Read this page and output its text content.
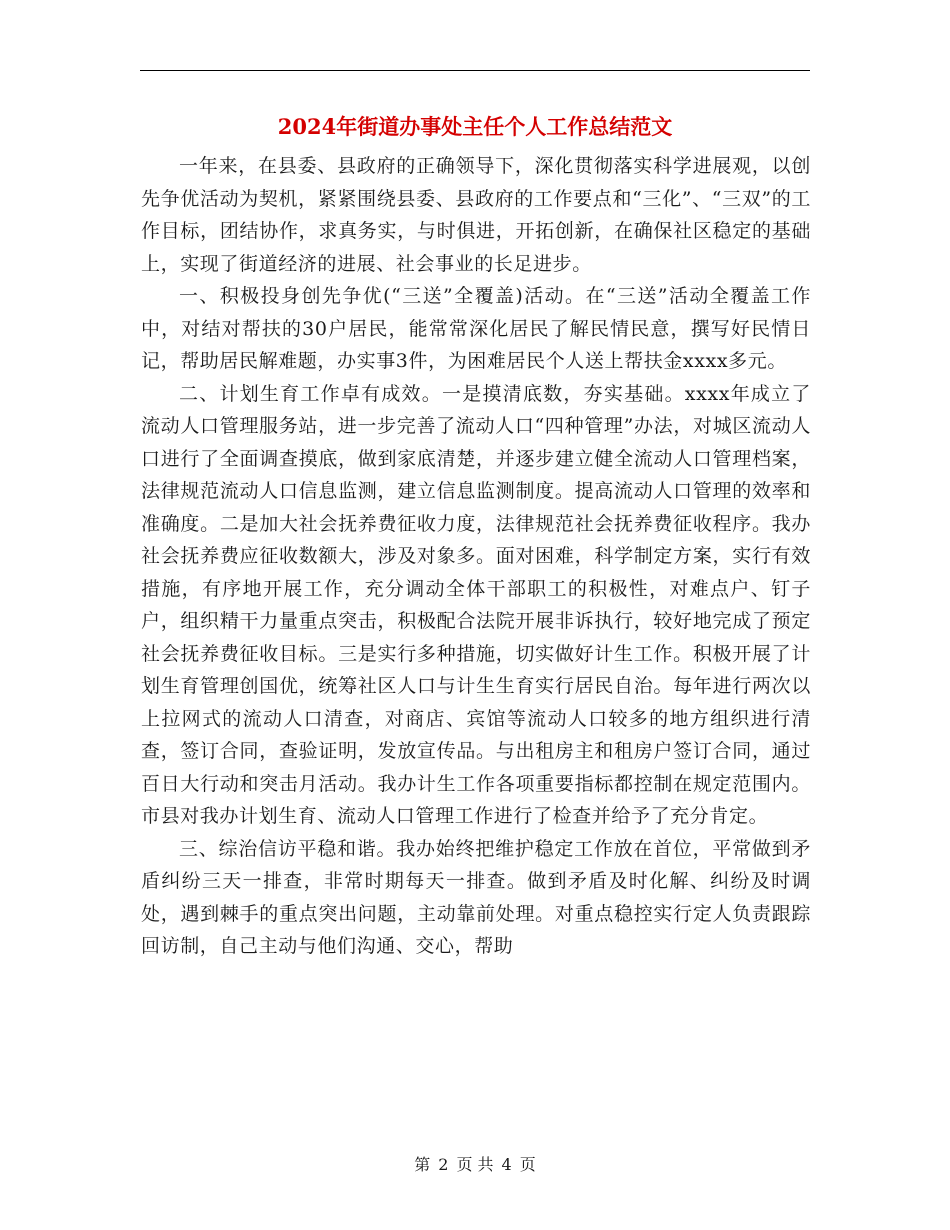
2024年街道办事处主任个人工作总结范文

一年来，在县委、县政府的正确领导下，深化贯彻落实科学进展观，以创先争优活动为契机，紧紧围绕县委、县政府的工作要点和“三化”、“三双”的工作目标，团结协作，求真务实，与时俱进，开拓创新，在确保社区稳定的基础上，实现了街道经济的进展、社会事业的长足进步。

一、积极投身创先争优(“三送”全覆盖)活动。在“三送”活动全覆盖工作中，对结对帮扶的30户居民，能常常深化居民了解民情民意，撰写好民情日记，帮助居民解难题，办实事3件，为困难居民个人送上帮扶金xxxx多元。

二、计划生育工作卓有成效。一是摸清底数，夯实基础。xxxx年成立了流动人口管理服务站，进一步完善了流动人口“四种管理”办法，对城区流动人口进行了全面调查摸底，做到家底清楚，并逐步建立健全流动人口管理档案，法律规范流动人口信息监测，建立信息监测制度。提高流动人口管理的效率和准确度。二是加大社会抚养费征收力度，法律规范社会抚养费征收程序。我办社会抚养费应征收数额大，涉及对象多。面对困难，科学制定方案，实行有效措施，有序地开展工作，充分调动全体干部职工的积极性，对难点户、钉子户，组织精干力量重点突击，积极配合法院开展非诉执行，较好地完成了预定社会抚养费征收目标。三是实行多种措施，切实做好计生工作。积极开展了计划生育管理创国优，统筹社区人口与计生生育实行居民自治。每年进行两次以上拉网式的流动人口清查，对商店、宾馆等流动人口较多的地方组织进行清查，签订合同，查验证明，发放宣传品。与出租房主和租房户签订合同，通过百日大行动和突击月活动。我办计生工作各项重要指标都控制在规定范围内。市县对我办计划生育、流动人口管理工作进行了检查并给予了充分肯定。

三、综治信访平稳和谐。我办始终把维护稳定工作放在首位，平常做到矛盾纠纷三天一排查，非常时期每天一排查。做到矛盾及时化解、纠纷及时调处，遇到棘手的重点突出问题，主动靠前处理。对重点稳控实行定人负责跟踪回访制，自己主动与他们沟通、交心，帮助

第 2 页 共 4 页
